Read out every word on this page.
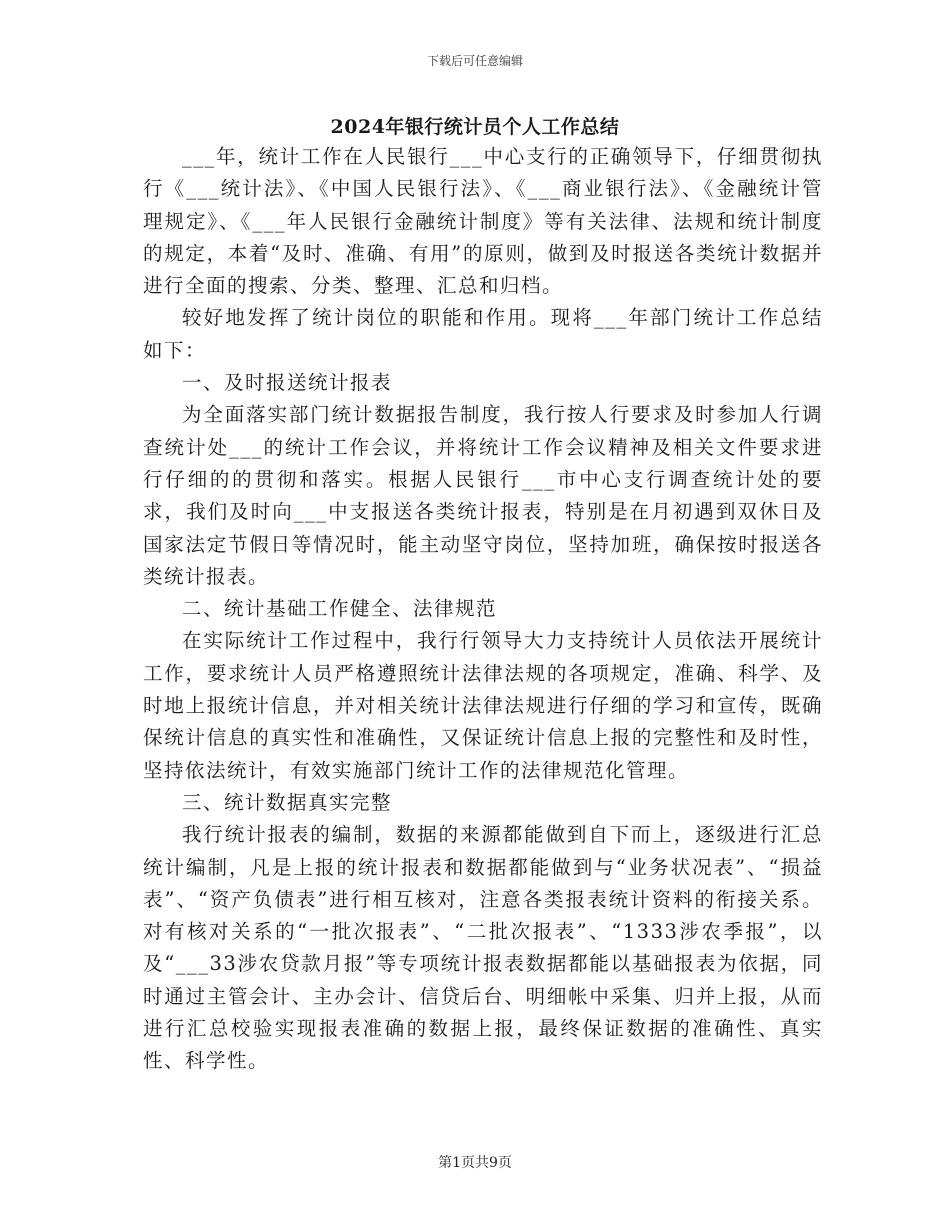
下载后可任意编辑
2024年银行统计员个人工作总结

___年，统计工作在人民银行___中心支行的正确领导下，仔细贯彻执行《___统计法》、《中国人民银行法》、《___商业银行法》、《金融统计管理规定》、《___年人民银行金融统计制度》等有关法律、法规和统计制度的规定，本着“及时、准确、有用”的原则，做到及时报送各类统计数据并进行全面的搜索、分类、整理、汇总和归档。

较好地发挥了统计岗位的职能和作用。现将___年部门统计工作总结如下：

一、及时报送统计报表

为全面落实部门统计数据报告制度，我行按人行要求及时参加人行调查统计处___的统计工作会议，并将统计工作会议精神及相关文件要求进行仔细的的贯彻和落实。根据人民银行___市中心支行调查统计处的要求，我们及时向___中支报送各类统计报表，特别是在月初遇到双休日及国家法定节假日等情况时，能主动坚守岗位，坚持加班，确保按时报送各类统计报表。

二、统计基础工作健全、法律规范

在实际统计工作过程中，我行行领导大力支持统计人员依法开展统计工作，要求统计人员严格遵照统计法律法规的各项规定，准确、科学、及时地上报统计信息，并对相关统计法律法规进行仔细的学习和宣传，既确保统计信息的真实性和准确性，又保证统计信息上报的完整性和及时性，坚持依法统计，有效实施部门统计工作的法律规范化管理。

三、统计数据真实完整

我行统计报表的编制，数据的来源都能做到自下而上，逐级进行汇总统计编制，凡是上报的统计报表和数据都能做到与“业务状况表”、“损益表”、“资产负债表”进行相互核对，注意各类报表统计资料的衔接关系。对有核对关系的“一批次报表”、“二批次报表”、“1333涉农季报”，以及“___33涉农贷款月报”等专项统计报表数据都能以基础报表为依据，同时通过主管会计、主办会计、信贷后台、明细帐中采集、归并上报，从而进行汇总校验实现报表准确的数据上报，最终保证数据的准确性、真实性、科学性。

第1页共9页
